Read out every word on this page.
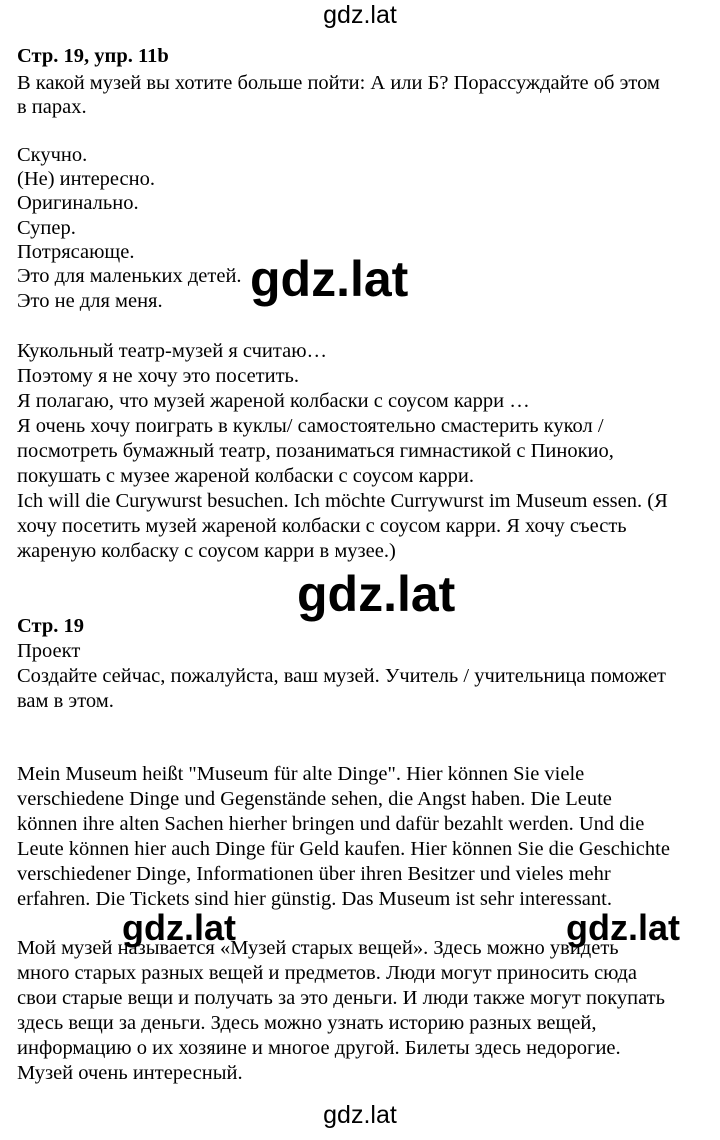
gdz.lat
Стр. 19, упр. 11b
В какой музей вы хотите больше пойти: А или Б? Порассуждайте об этом
в парах.
Скучно.
(Не) интересно.
Оригинально.
Супер.
Потрясающе.
Это для маленьких детей.
Это не для меня.
Кукольный театр-музей я считаю…
Поэтому я не хочу это посетить.
Я полагаю, что музей жареной колбаски с соусом карри …
Я очень хочу поиграть в куклы/ самостоятельно смастерить кукол /
посмотреть бумажный театр, позаниматься гимнастикой с Пинокио,
покушать с музее жареной колбаски с соусом карри.
Ich will die Curywurst besuchen. Ich möchte Currywurst im Museum essen. (Я
хочу посетить музей жареной колбаски с соусом карри. Я хочу съесть
жареную колбаску с соусом карри в музее.)
Стр. 19
Проект
Создайте сейчас, пожалуйста, ваш музей. Учитель / учительница поможет
вам в этом.
Mein Museum heißt "Museum für alte Dinge". Hier können Sie viele
verschiedene Dinge und Gegenstände sehen, die Angst haben. Die Leute
können ihre alten Sachen hierher bringen und dafür bezahlt werden. Und die
Leute können hier auch Dinge für Geld kaufen. Hier können Sie die Geschichte
verschiedener Dinge, Informationen über ihren Besitzer und vieles mehr
erfahren. Die Tickets sind hier günstig. Das Museum ist sehr interessant.
Мой музей называется «Музей старых вещей». Здесь можно увидеть
много старых разных вещей и предметов. Люди могут приносить сюда
свои старые вещи и получать за это деньги. И люди также могут покупать
здесь вещи за деньги. Здесь можно узнать историю разных вещей,
информацию о их хозяине и многое другой. Билеты здесь недорогие.
Музей очень интересный.
gdz.lat
gdz.lat
gdz.lat	gdz.lat
gdz.lat
